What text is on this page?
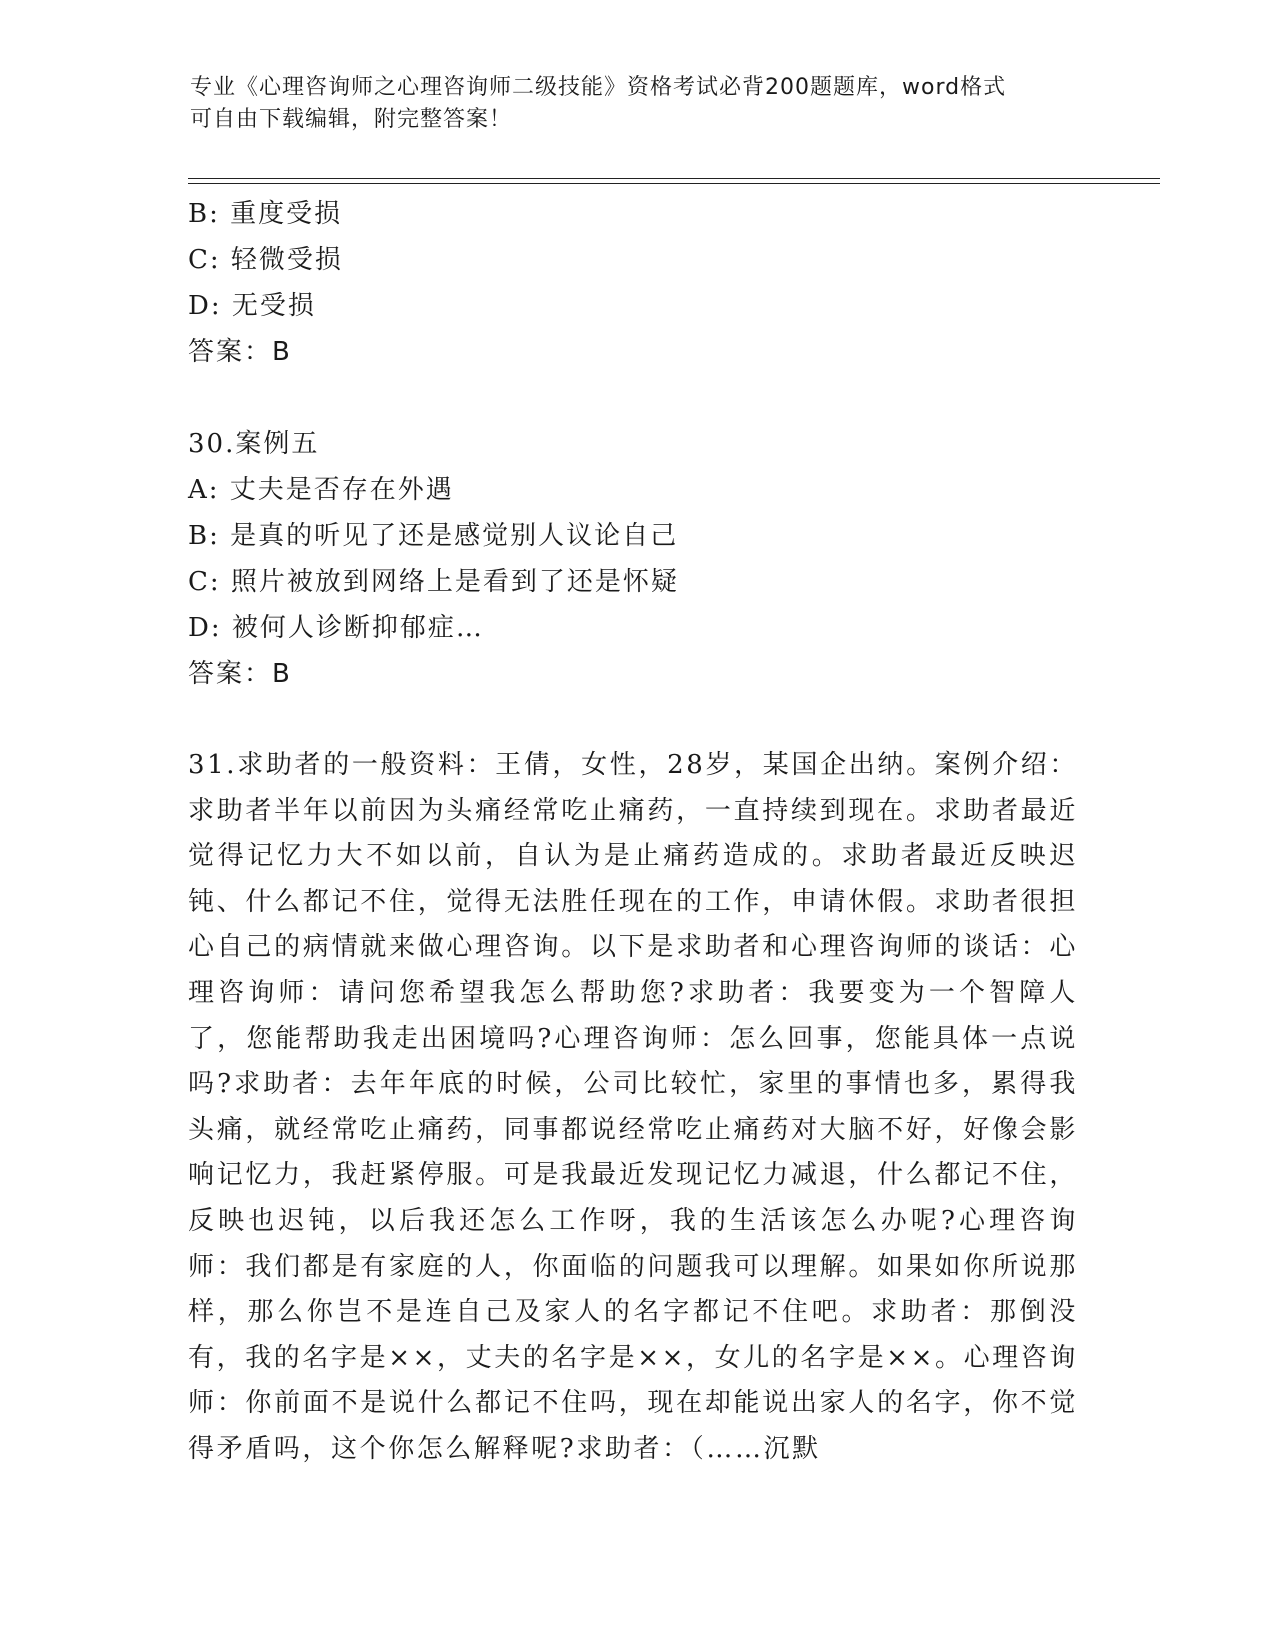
专业《心理咨询师之心理咨询师二级技能》资格考试必背200题题库，word格式
可自由下载编辑，附完整答案！
B: 重度受损
C: 轻微受损
D: 无受损
答案：B
30.案例五
A: 丈夫是否存在外遇
B: 是真的听见了还是感觉别人议论自己
C: 照片被放到网络上是看到了还是怀疑
D: 被何人诊断抑郁症…
答案：B
31.求助者的一般资料：王倩，女性，28岁，某国企出纳。案例介绍：求助者半年以前因为头痛经常吃止痛药，一直持续到现在。求助者最近觉得记忆力大不如以前，自认为是止痛药造成的。求助者最近反映迟钝、什么都记不住，觉得无法胜任现在的工作，申请休假。求助者很担心自己的病情就来做心理咨询。以下是求助者和心理咨询师的谈话：心理咨询师：请问您希望我怎么帮助您?求助者：我要变为一个智障人了，您能帮助我走出困境吗?心理咨询师：怎么回事，您能具体一点说吗?求助者：去年年底的时候，公司比较忙，家里的事情也多，累得我头痛，就经常吃止痛药，同事都说经常吃止痛药对大脑不好，好像会影响记忆力，我赶紧停服。可是我最近发现记忆力减退，什么都记不住，反映也迟钝，以后我还怎么工作呀，我的生活该怎么办呢?心理咨询师：我们都是有家庭的人，你面临的问题我可以理解。如果如你所说那样，那么你岂不是连自己及家人的名字都记不住吧。求助者：那倒没有，我的名字是××，丈夫的名字是××，女儿的名字是××。心理咨询师：你前面不是说什么都记不住吗，现在却能说出家人的名字，你不觉得矛盾吗，这个你怎么解释呢?求助者：（……沉默
